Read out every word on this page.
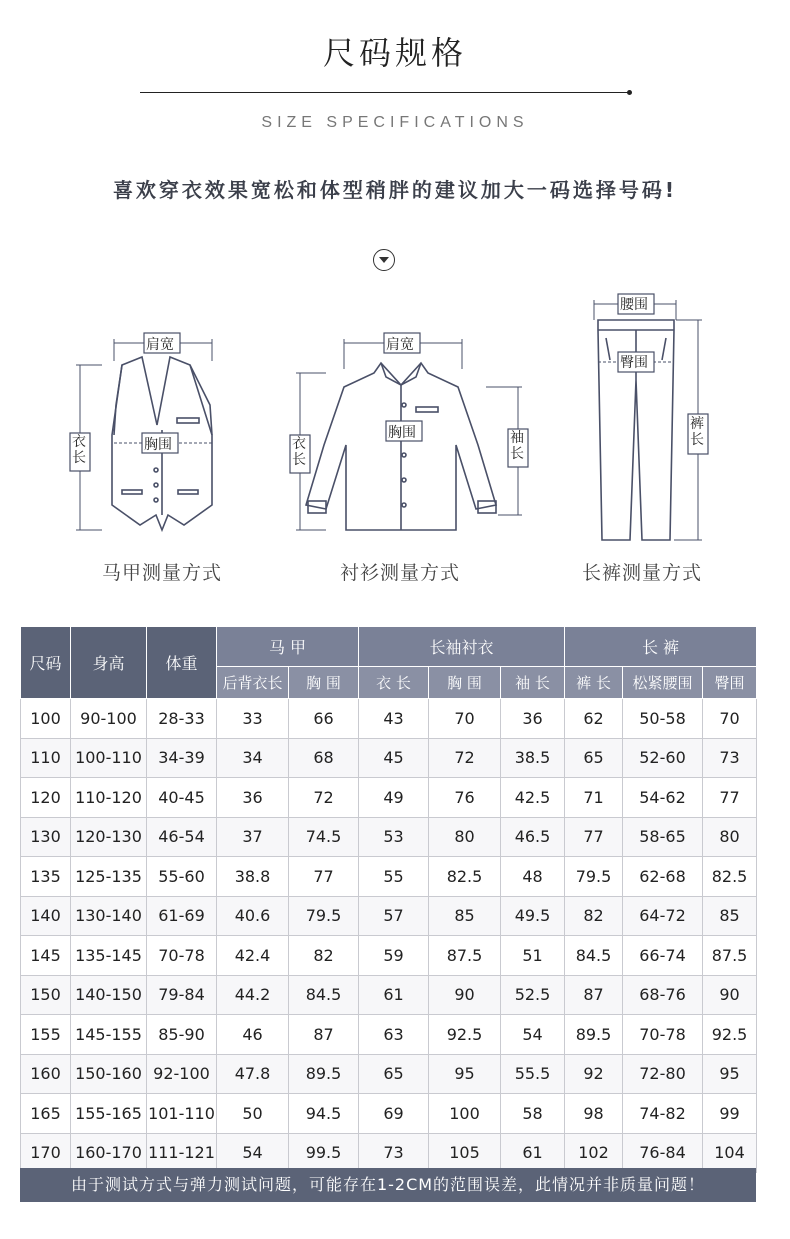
尺码规格
SIZE SPECIFICATIONS
喜欢穿衣效果宽松和体型稍胖的建议加大一码选择号码!
肩宽
胸围
衣长
马甲测量方式
肩宽
胸围
衣长
袖长
衬衫测量方式
腰围
臀围
裤长
长裤测量方式
尺码	身高	体重	马 甲		长袖衬衣			长 裤		
			后背衣长	胸 围	衣 长	胸 围	袖 长	裤 长	松紧腰围	臀围
100	90-100	28-33	33	66	43	70	36	62	50-58	70
110	100-110	34-39	34	68	45	72	38.5	65	52-60	73
120	110-120	40-45	36	72	49	76	42.5	71	54-62	77
130	120-130	46-54	37	74.5	53	80	46.5	77	58-65	80
135	125-135	55-60	38.8	77	55	82.5	48	79.5	62-68	82.5
140	130-140	61-69	40.6	79.5	57	85	49.5	82	64-72	85
145	135-145	70-78	42.4	82	59	87.5	51	84.5	66-74	87.5
150	140-150	79-84	44.2	84.5	61	90	52.5	87	68-76	90
155	145-155	85-90	46	87	63	92.5	54	89.5	70-78	92.5
160	150-160	92-100	47.8	89.5	65	95	55.5	92	72-80	95
165	155-165	101-110	50	94.5	69	100	58	98	74-82	99
170	160-170	111-121	54	99.5	73	105	61	102	76-84	104
由于测试方式与弹力测试问题，可能存在1-2CM的范围误差，此情况并非质量问题！
